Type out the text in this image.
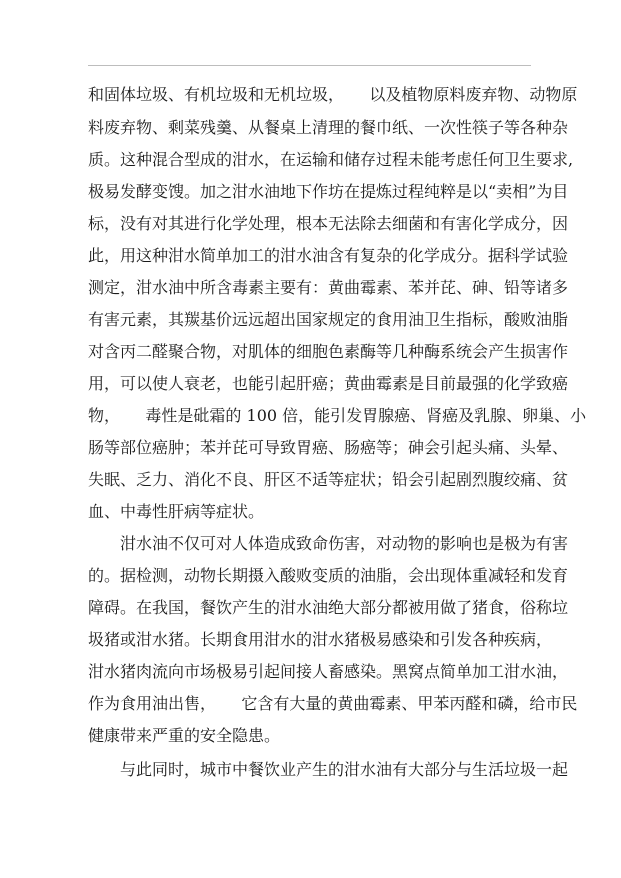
和固体垃圾、有机垃圾和无机垃圾，     以及植物原料废弃物、动物原
料废弃物、剩菜残羹、从餐桌上清理的餐巾纸、一次性筷子等各种杂
质。这种混合型成的泔水，在运输和储存过程未能考虑任何卫生要求,
极易发酵变馊。加之泔水油地下作坊在提炼过程纯粹是以“卖相”为目
标，没有对其进行化学处理，根本无法除去细菌和有害化学成分，因
此，用这种泔水简单加工的泔水油含有复杂的化学成分。据科学试验
测定，泔水油中所含毒素主要有：黄曲霉素、苯并芘、砷、铅等诸多
有害元素，其羰基价远远超出国家规定的食用油卫生指标，酸败油脂
对含丙二醛聚合物，对肌体的细胞色素酶等几种酶系统会产生损害作
用，可以使人衰老，也能引起肝癌；黄曲霉素是目前最强的化学致癌
物，     毒性是砒霜的 100 倍，能引发胃腺癌、肾癌及乳腺、卵巢、小
肠等部位癌肿；苯并芘可导致胃癌、肠癌等；砷会引起头痛、头晕、
失眠、乏力、消化不良、肝区不适等症状；铅会引起剧烈腹绞痛、贫
血、中毒性肝病等症状。
泔水油不仅可对人体造成致命伤害，对动物的影响也是极为有害
的。据检测，动物长期摄入酸败变质的油脂，会出现体重减轻和发育
障碍。在我国，餐饮产生的泔水油绝大部分都被用做了猪食，俗称垃
圾猪或泔水猪。长期食用泔水的泔水猪极易感染和引发各种疾病，
泔水猪肉流向市场极易引起间接人畜感染。黑窝点简单加工泔水油，
作为食用油出售，     它含有大量的黄曲霉素、甲苯丙醛和磷，给市民
健康带来严重的安全隐患。
与此同时，城市中餐饮业产生的泔水油有大部分与生活垃圾一起
